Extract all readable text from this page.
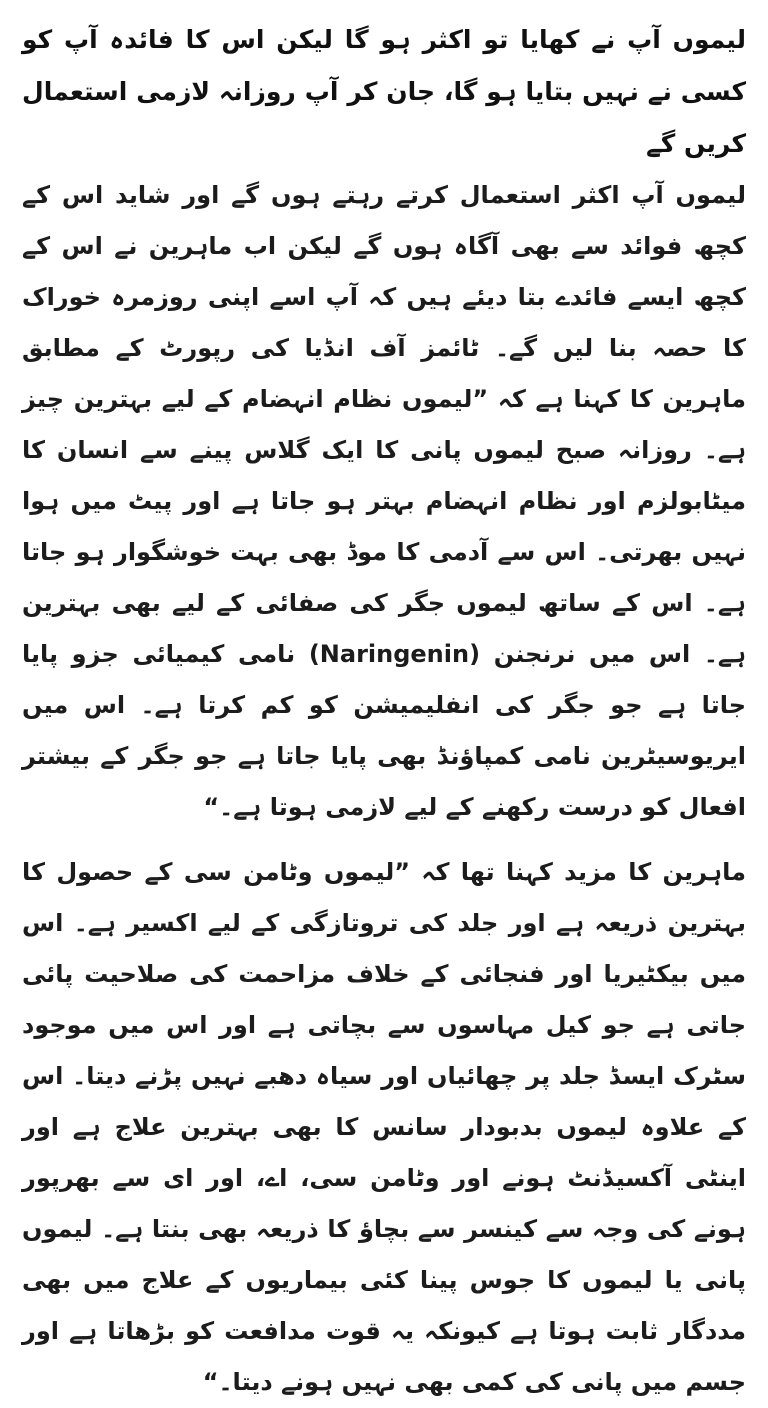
لیموں آپ نے کھایا تو اکثر ہو گا لیکن اس کا فائدہ آپ کو کسی نے نہیں بتایا ہو گا، جان کر آپ روزانہ لازمی استعمال کریں گے

لیموں آپ اکثر استعمال کرتے رہتے ہوں گے اور شاید اس کے کچھ فوائد سے بھی آگاہ ہوں گے لیکن اب ماہرین نے اس کے کچھ ایسے فائدے بتا دیئے ہیں کہ آپ اسے اپنی روزمرہ خوراک کا حصہ بنا لیں گے۔ ٹائمز آف انڈیا کی رپورٹ کے مطابق ماہرین کا کہنا ہے کہ ”لیموں نظام انہضام کے لیے بہترین چیز ہے۔ روزانہ صبح لیموں پانی کا ایک گلاس پینے سے انسان کا میٹابولزم اور نظام انہضام بہتر ہو جاتا ہے اور پیٹ میں ہوا نہیں بھرتی۔ اس سے آدمی کا موڈ بھی بہت خوشگوار ہو جاتا ہے۔ اس کے ساتھ لیموں جگر کی صفائی کے لیے بھی بہترین ہے۔ اس میں نرنجنن (Naringenin) نامی کیمیائی جزو پایا جاتا ہے جو جگر کی انفلیمیشن کو کم کرتا ہے۔ اس میں ایریوسیٹرین نامی کمپاؤنڈ بھی پایا جاتا ہے جو جگر کے بیشتر افعال کو درست رکھنے کے لیے لازمی ہوتا ہے۔“

ماہرین کا مزید کہنا تھا کہ ”لیموں وٹامن سی کے حصول کا بہترین ذریعہ ہے اور جلد کی تروتازگی کے لیے اکسیر ہے۔ اس میں بیکٹیریا اور فنجائی کے خلاف مزاحمت کی صلاحیت پائی جاتی ہے جو کیل مہاسوں سے بچاتی ہے اور اس میں موجود سٹرک ایسڈ جلد پر چھائیاں اور سیاہ دھبے نہیں پڑنے دیتا۔ اس کے علاوہ لیموں بدبودار سانس کا بھی بہترین علاج ہے اور اینٹی آکسیڈنٹ ہونے اور وٹامن سی، اے، اور ای سے بھرپور ہونے کی وجہ سے کینسر سے بچاؤ کا ذریعہ بھی بنتا ہے۔ لیموں پانی یا لیموں کا جوس پینا کئی بیماریوں کے علاج میں بھی مددگار ثابت ہوتا ہے کیونکہ یہ قوت مدافعت کو بڑھاتا ہے اور جسم میں پانی کی کمی بھی نہیں ہونے دیتا۔“
